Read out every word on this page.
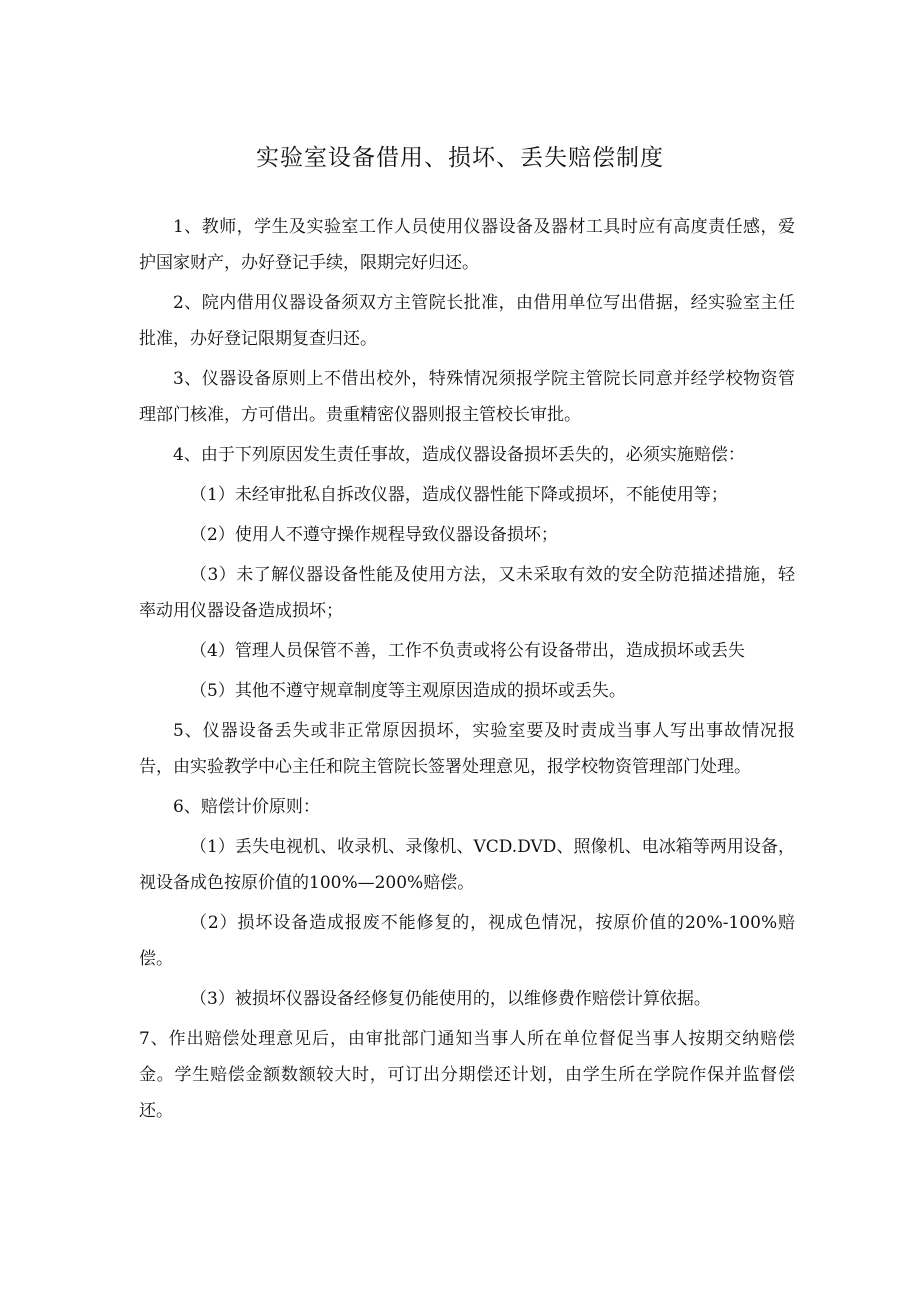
实验室设备借用、损坏、丢失赔偿制度

1、教师，学生及实验室工作人员使用仪器设备及器材工具时应有高度责任感，爱护国家财产，办好登记手续，限期完好归还。

2、院内借用仪器设备须双方主管院长批准，由借用单位写出借据，经实验室主任批准，办好登记限期复查归还。

3、仪器设备原则上不借出校外，特殊情况须报学院主管院长同意并经学校物资管理部门核准，方可借出。贵重精密仪器则报主管校长审批。

4、由于下列原因发生责任事故，造成仪器设备损坏丢失的，必须实施赔偿：

（1）未经审批私自拆改仪器，造成仪器性能下降或损坏，不能使用等；

（2）使用人不遵守操作规程导致仪器设备损坏；

（3）未了解仪器设备性能及使用方法，又未采取有效的安全防范描述措施，轻率动用仪器设备造成损坏；

（4）管理人员保管不善，工作不负责或将公有设备带出，造成损坏或丢失

（5）其他不遵守规章制度等主观原因造成的损坏或丢失。

5、仪器设备丢失或非正常原因损坏，实验室要及时责成当事人写出事故情况报告，由实验教学中心主任和院主管院长签署处理意见，报学校物资管理部门处理。

6、赔偿计价原则：

（1）丢失电视机、收录机、录像机、VCD.DVD、照像机、电冰箱等两用设备，视设备成色按原价值的100%—200%赔偿。

（2）损坏设备造成报废不能修复的，视成色情况，按原价值的20%-100%赔偿。

（3）被损坏仪器设备经修复仍能使用的，以维修费作赔偿计算依据。

7、作出赔偿处理意见后，由审批部门通知当事人所在单位督促当事人按期交纳赔偿金。学生赔偿金额数额较大时，可订出分期偿还计划，由学生所在学院作保并监督偿还。
